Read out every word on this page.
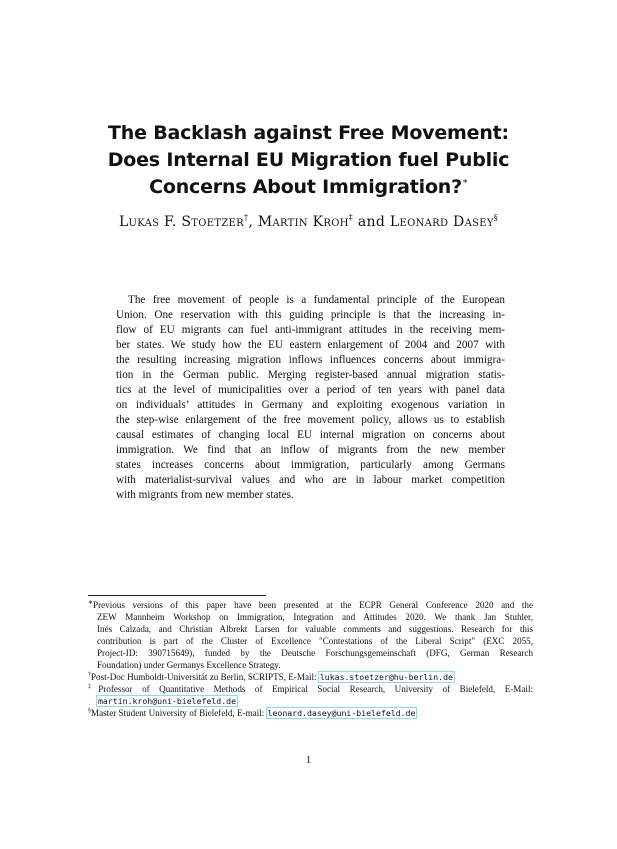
The Backlash against Free Movement:
Does Internal EU Migration fuel Public
Concerns About Immigration?∗
Lukas F. Stoetzer†, Martin Kroh‡ and Leonard Dasey§
The free movement of people is a fundamental principle of the European
Union. One reservation with this guiding principle is that the increasing in-
flow of EU migrants can fuel anti-immigrant attitudes in the receiving mem-
ber states. We study how the EU eastern enlargement of 2004 and 2007 with
the resulting increasing migration inflows influences concerns about immigra-
tion in the German public. Merging register-based annual migration statis-
tics at the level of municipalities over a period of ten years with panel data
on individuals’ attitudes in Germany and exploiting exogenous variation in
the step-wise enlargement of the free movement policy, allows us to establish
causal estimates of changing local EU internal migration on concerns about
immigration. We find that an inflow of migrants from the new member
states increases concerns about immigration, particularly among Germans
with materialist-survival values and who are in labour market competition
with migrants from new member states.
∗Previous versions of this paper have been presented at the ECPR General Conference 2020 and the
ZEW Mannheim Workshop on Immigration, Integration and Attitudes 2020. We thank Jan Stuhler,
Inés Calzada, and Christian Albrekt Larsen for valuable comments and suggestions. Research for this
contribution is part of the Cluster of Excellence "Contestations of the Liberal Script" (EXC 2055,
Project-ID: 390715649), funded by the Deutsche Forschungsgemeinschaft (DFG, German Research
Foundation) under Germanys Excellence Strategy.
†Post-Doc Humboldt-Universität zu Berlin, SCRIPTS, E-Mail: lukas.stoetzer@hu-berlin.de
‡Professor of Quantitative Methods of Empirical Social Research, University of Bielefeld, E-Mail:
martin.kroh@uni-bielefeld.de
§Master Student University of Bielefeld, E-mail: leonard.dasey@uni-bielefeld.de
1
